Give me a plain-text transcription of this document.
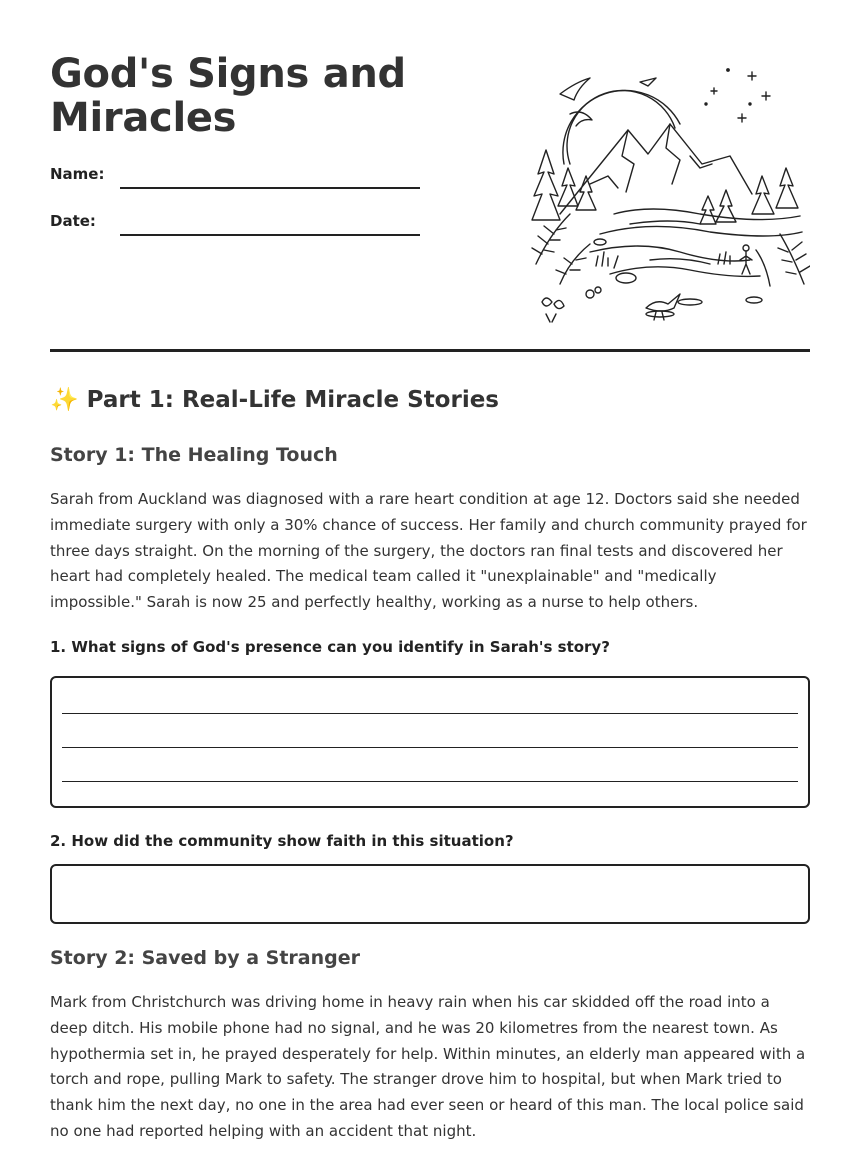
God's Signs and Miracles
Name:
Date:
✨ Part 1: Real-Life Miracle Stories
Story 1: The Healing Touch

Sarah from Auckland was diagnosed with a rare heart condition at age 12. Doctors said she needed immediate surgery with only a 30% chance of success. Her family and church community prayed for three days straight. On the morning of the surgery, the doctors ran final tests and discovered her heart had completely healed. The medical team called it "unexplainable" and "medically impossible." Sarah is now 25 and perfectly healthy, working as a nurse to help others.

1. What signs of God's presence can you identify in Sarah's story?

2. How did the community show faith in this situation?

Story 2: Saved by a Stranger

Mark from Christchurch was driving home in heavy rain when his car skidded off the road into a deep ditch. His mobile phone had no signal, and he was 20 kilometres from the nearest town. As hypothermia set in, he prayed desperately for help. Within minutes, an elderly man appeared with a torch and rope, pulling Mark to safety. The stranger drove him to hospital, but when Mark tried to thank him the next day, no one in the area had ever seen or heard of this man. The local police said no one had reported helping with an accident that night.
